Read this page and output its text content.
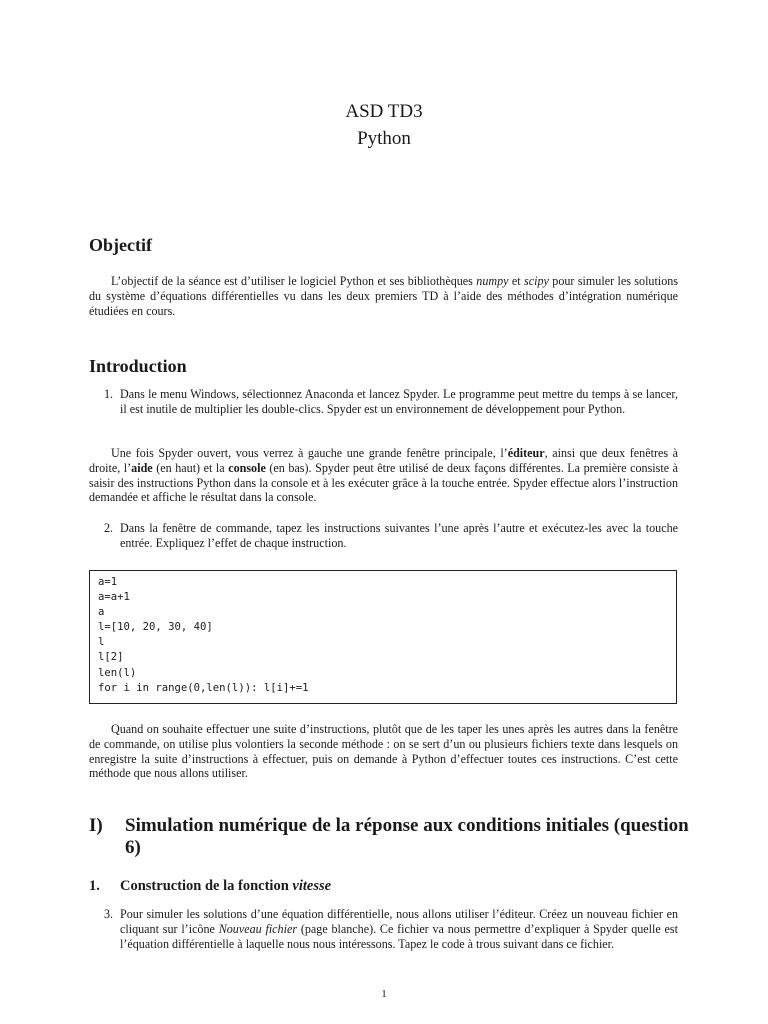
ASD TD3
Python
Objectif

L’objectif de la séance est d’utiliser le logiciel Python et ses bibliothèques numpy et scipy pour simuler les solutions du système d’équations différentielles vu dans les deux premiers TD à l’aide des méthodes d’intégration numérique étudiées en cours.

Introduction
1. Dans le menu Windows, sélectionnez Anaconda et lancez Spyder. Le programme peut mettre du temps à se lancer, il est inutile de multiplier les double-clics. Spyder est un environnement de développement pour Python.

Une fois Spyder ouvert, vous verrez à gauche une grande fenêtre principale, l’éditeur, ainsi que deux fenêtres à droite, l’aide (en haut) et la console (en bas). Spyder peut être utilisé de deux façons différentes. La première consiste à saisir des instructions Python dans la console et à les exécuter grâce à la touche entrée. Spyder effectue alors l’instruction demandée et affiche le résultat dans la console.

2. Dans la fenêtre de commande, tapez les instructions suivantes l’une après l’autre et exécutez-les avec la touche entrée. Expliquez l’effet de chaque instruction.
a=1
a=a+1
a
l=[10, 20, 30, 40]
l
l[2]
len(l)
for i in range(0,len(l)): l[i]+=1

Quand on souhaite effectuer une suite d’instructions, plutôt que de les taper les unes après les autres dans la fenêtre de commande, on utilise plus volontiers la seconde méthode : on se sert d’un ou plusieurs fichiers texte dans lesquels on enregistre la suite d’instructions à effectuer, puis on demande à Python d’effectuer toutes ces instructions. C’est cette méthode que nous allons utiliser.

I) Simulation numérique de la réponse aux conditions initiales (question 6)
1. Construction de la fonction vitesse
3. Pour simuler les solutions d’une équation différentielle, nous allons utiliser l’éditeur. Créez un nouveau fichier en cliquant sur l’icône Nouveau fichier (page blanche). Ce fichier va nous permettre d’expliquer à Spyder quelle est l’équation différentielle à laquelle nous nous intéressons. Tapez le code à trous suivant dans ce fichier.
1
